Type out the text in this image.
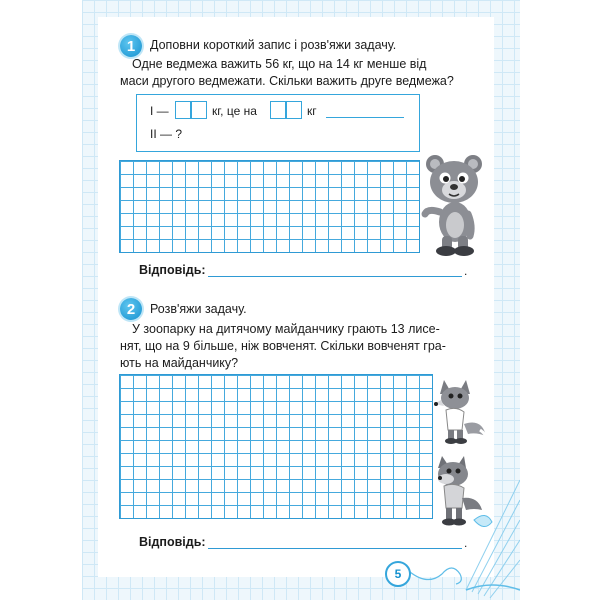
1	Доповни короткий запис і розв'яжи задачу.
Одне ведмежа важить 56 кг, що на 14 кг менше від
маси другого ведмежати. Скільки важить друге ведмежа?
I —	кг, це на	кг
II — ?
Відповідь:	.
2	Розв'яжи задачу.
У зоопарку на дитячому майданчику грають 13 лисе-
нят, що на 9 більше, ніж вовченят. Скільки вовченят гра-
ють на майданчику?
Відповідь:	.
5
